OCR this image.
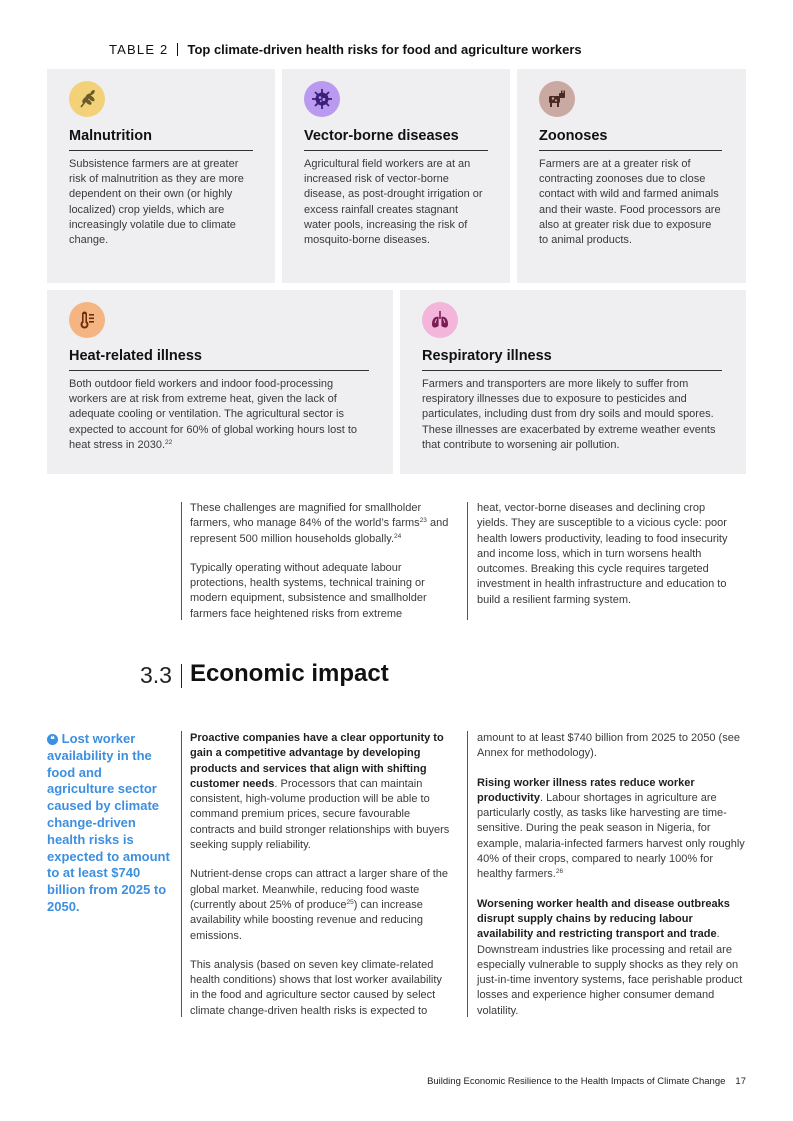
TABLE 2 Top climate-driven health risks for food and agriculture workers
Malnutrition
Subsistence farmers are at greater risk of malnutrition as they are more dependent on their own (or highly localized) crop yields, which are increasingly volatile due to climate change.
Vector-borne diseases
Agricultural field workers are at an increased risk of vector-borne disease, as post-drought irrigation or excess rainfall creates stagnant water pools, increasing the risk of mosquito-borne diseases.
Zoonoses
Farmers are at a greater risk of contracting zoonoses due to close contact with wild and farmed animals and their waste. Food processors are also at greater risk due to exposure to animal products.
Heat-related illness
Both outdoor field workers and indoor food-processing workers are at risk from extreme heat, given the lack of adequate cooling or ventilation. The agricultural sector is expected to account for 60% of global working hours lost to heat stress in 2030.22
Respiratory illness
Farmers and transporters are more likely to suffer from respiratory illnesses due to exposure to pesticides and particulates, including dust from dry soils and mould spores. These illnesses are exacerbated by extreme weather events that contribute to worsening air pollution.

These challenges are magnified for smallholder farmers, who manage 84% of the world’s farms$^{23}$ and represent 500 million households globally.$^{24}$

Typically operating without adequate labour protections, health systems, technical training or modern equipment, subsistence and smallholder farmers face heightened risks from extreme

heat, vector-borne diseases and declining crop yields. They are susceptible to a vicious cycle: poor health lowers productivity, leading to food insecurity and income loss, which in turn worsens health outcomes. Breaking this cycle requires targeted investment in health infrastructure and education to build a resilient farming system.

3.3 Economic impact
❝ Lost worker availability in the food and agriculture sector caused by climate change-driven health risks is expected to amount to at least $740 billion from 2025 to 2050.

Proactive companies have a clear opportunity to gain a competitive advantage by developing products and services that align with shifting customer needs. Processors that can maintain consistent, high-volume production will be able to command premium prices, secure favourable contracts and build stronger relationships with buyers seeking supply reliability.

Nutrient-dense crops can attract a larger share of the global market. Meanwhile, reducing food waste (currently about 25% of produce$^{25}$) can increase availability while boosting revenue and reducing emissions.

This analysis (based on seven key climate-related health conditions) shows that lost worker availability in the food and agriculture sector caused by select climate change-driven health risks is expected to

amount to at least $740 billion from 2025 to 2050 (see Annex for methodology).

Rising worker illness rates reduce worker productivity. Labour shortages in agriculture are particularly costly, as tasks like harvesting are time-sensitive. During the peak season in Nigeria, for example, malaria-infected farmers harvest only roughly 40% of their crops, compared to nearly 100% for healthy farmers.$^{26}$

Worsening worker health and disease outbreaks disrupt supply chains by reducing labour availability and restricting transport and trade. Downstream industries like processing and retail are especially vulnerable to supply shocks as they rely on just-in-time inventory systems, face perishable product losses and experience higher consumer demand volatility.

Building Economic Resilience to the Health Impacts of Climate Change 17
